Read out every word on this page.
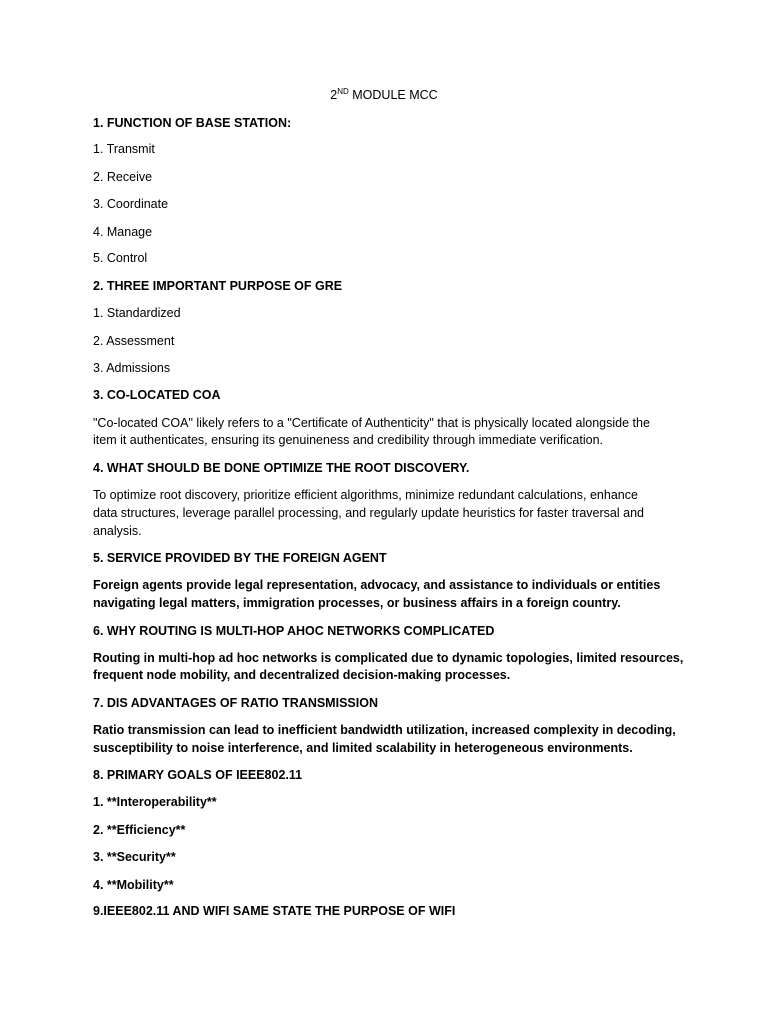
2ND MODULE MCC
1. FUNCTION OF BASE STATION:
1. Transmit
2. Receive
3. Coordinate
4. Manage
5. Control
2. THREE IMPORTANT PURPOSE OF GRE
1. Standardized
2. Assessment
3. Admissions
3. CO-LOCATED COA
"Co-located COA" likely refers to a "Certificate of Authenticity" that is physically located alongside the
item it authenticates, ensuring its genuineness and credibility through immediate verification.
4. WHAT SHOULD BE DONE OPTIMIZE THE ROOT DISCOVERY.
To optimize root discovery, prioritize efficient algorithms, minimize redundant calculations, enhance
data structures, leverage parallel processing, and regularly update heuristics for faster traversal and
analysis.
5. SERVICE PROVIDED BY THE FOREIGN AGENT
Foreign agents provide legal representation, advocacy, and assistance to individuals or entities
navigating legal matters, immigration processes, or business affairs in a foreign country.
6. WHY ROUTING IS MULTI-HOP AHOC NETWORKS COMPLICATED
Routing in multi-hop ad hoc networks is complicated due to dynamic topologies, limited resources,
frequent node mobility, and decentralized decision-making processes.
7. DIS ADVANTAGES OF RATIO TRANSMISSION
Ratio transmission can lead to inefficient bandwidth utilization, increased complexity in decoding,
susceptibility to noise interference, and limited scalability in heterogeneous environments.
8. PRIMARY GOALS OF IEEE802.11
1. **Interoperability**
2. **Efficiency**
3. **Security**
4. **Mobility**
9.IEEE802.11 AND WIFI SAME STATE THE PURPOSE OF WIFI
